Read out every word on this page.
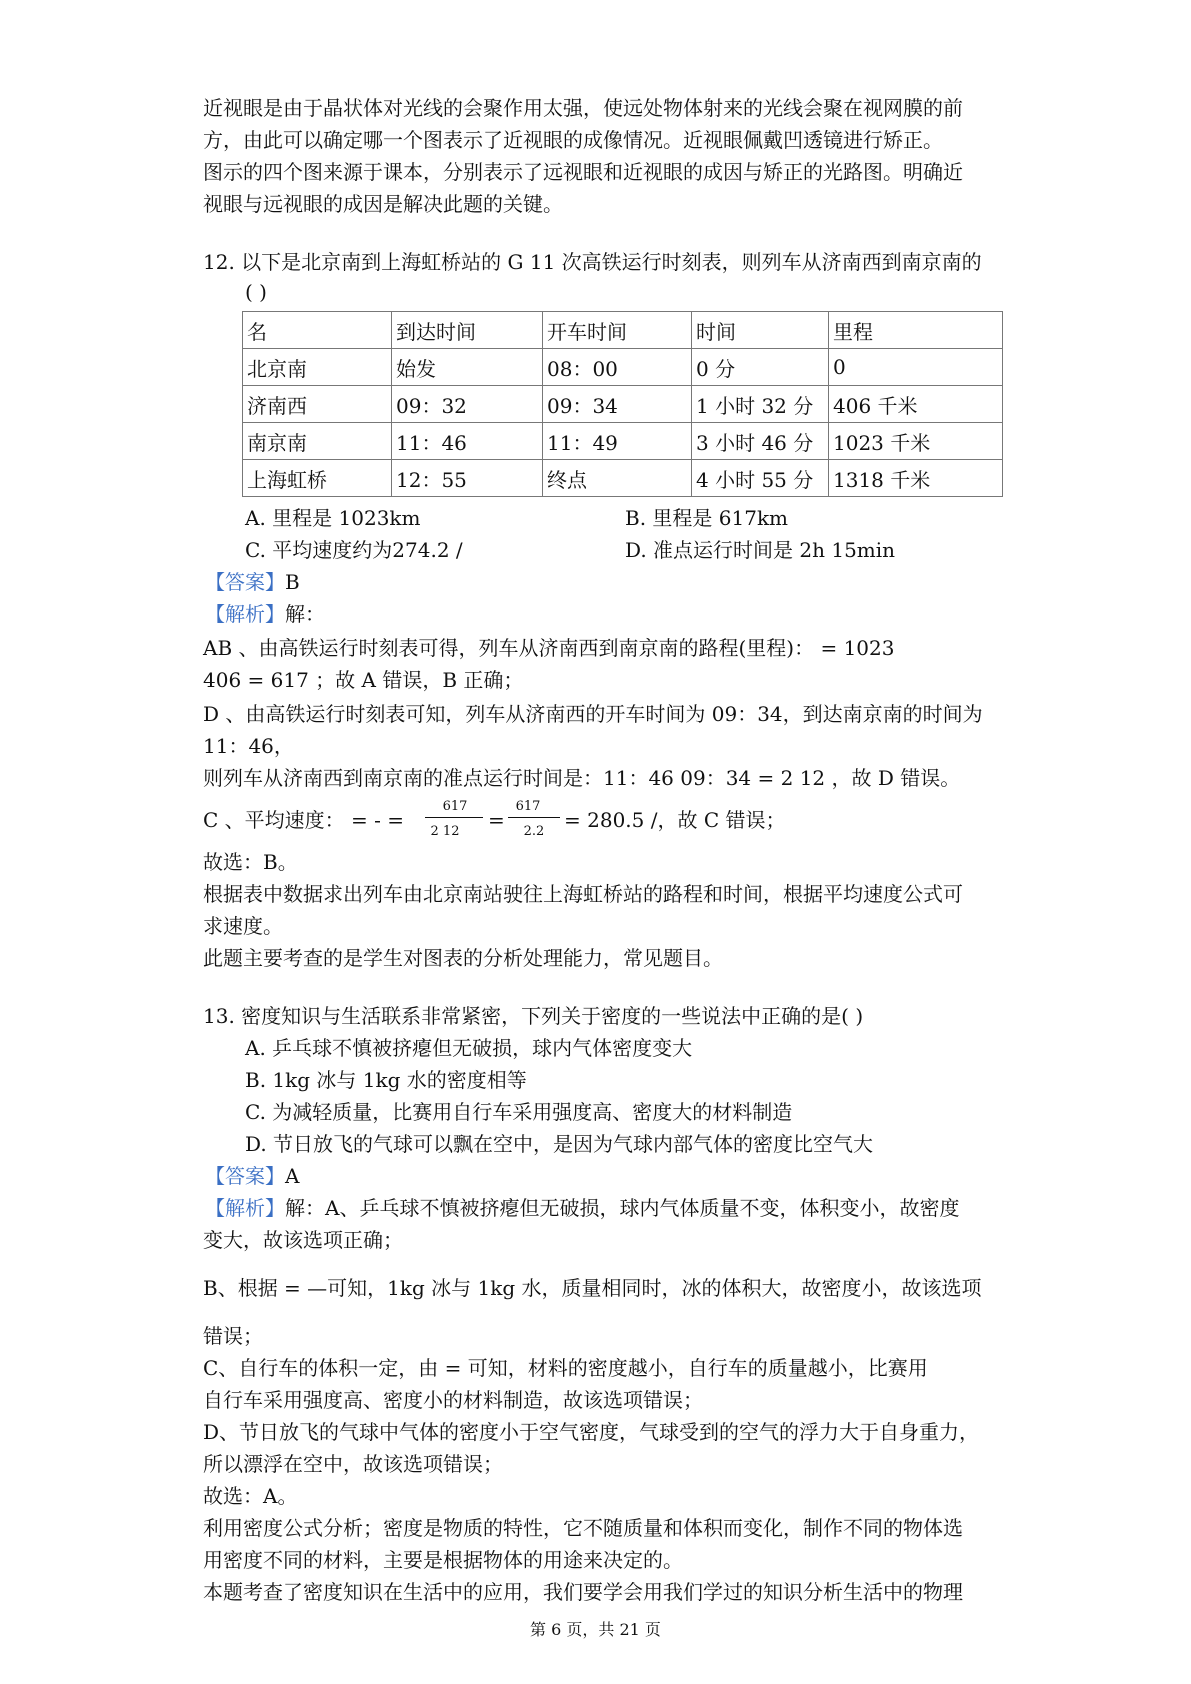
近视眼是由于晶状体对光线的会聚作用太强，使远处物体射来的光线会聚在视网膜的前
方，由此可以确定哪一个图表示了近视眼的成像情况。近视眼佩戴凹透镜进行矫正。
图示的四个图来源于课本，分别表示了远视眼和近视眼的成因与矫正的光路图。明确近
视眼与远视眼的成因是解决此题的关键。
12. 以下是北京南到上海虹桥站的 G 11 次高铁运行时刻表，则列车从济南西到南京南的
( )
名	到达时间	开车时间	时间	里程
北京南	始发	08：00	0 分	0
济南西	09：32	09：34	1 小时 32 分	406 千米
南京南	11：46	11：49	3 小时 46 分	1023 千米
上海虹桥	12：55	终点	4 小时 55 分	1318 千米
A. 里程是 1023km	B. 里程是 617km
C. 平均速度约为274.2 /	D. 准点运行时间是 2h 15min
【答案】B
【解析】解：
AB 、由高铁运行时刻表可得，列车从济南西到南京南的路程(里程)： = 1023
406 = 617 ；故 A 错误，B 正确；
D 、由高铁运行时刻表可知，列车从济南西的开车时间为 09：34，到达南京南的时间为
11：46，
则列车从济南西到南京南的准点运行时间是：11：46 09：34 = 2 12 ，故 D 错误。
C 、平均速度： = - =
617
2 12	=
617
2.2 = 280.5 /，故 C 错误；
故选：B。
根据表中数据求出列车由北京南站驶往上海虹桥站的路程和时间，根据平均速度公式可
求速度。
此题主要考查的是学生对图表的分析处理能力，常见题目。
13. 密度知识与生活联系非常紧密，下列关于密度的一些说法中正确的是( )
A. 乒乓球不慎被挤瘪但无破损，球内气体密度变大
B. 1kg 冰与 1kg 水的密度相等
C. 为减轻质量，比赛用自行车采用强度高、密度大的材料制造
D. 节日放飞的气球可以飘在空中，是因为气球内部气体的密度比空气大
【答案】A
【解析】解：A、乒乓球不慎被挤瘪但无破损，球内气体质量不变，体积变小，故密度
变大，故该选项正确；
B、根据 = —可知，1kg 冰与 1kg 水，质量相同时，冰的体积大，故密度小，故该选项
错误；
C、自行车的体积一定，由 = 可知，材料的密度越小，自行车的质量越小，比赛用
自行车采用强度高、密度小的材料制造，故该选项错误；
D、节日放飞的气球中气体的密度小于空气密度，气球受到的空气的浮力大于自身重力，
所以漂浮在空中，故该选项错误；
故选：A。
利用密度公式分析；密度是物质的特性，它不随质量和体积而变化，制作不同的物体选
用密度不同的材料，主要是根据物体的用途来决定的。
本题考查了密度知识在生活中的应用，我们要学会用我们学过的知识分析生活中的物理
第 6 页，共 21 页
